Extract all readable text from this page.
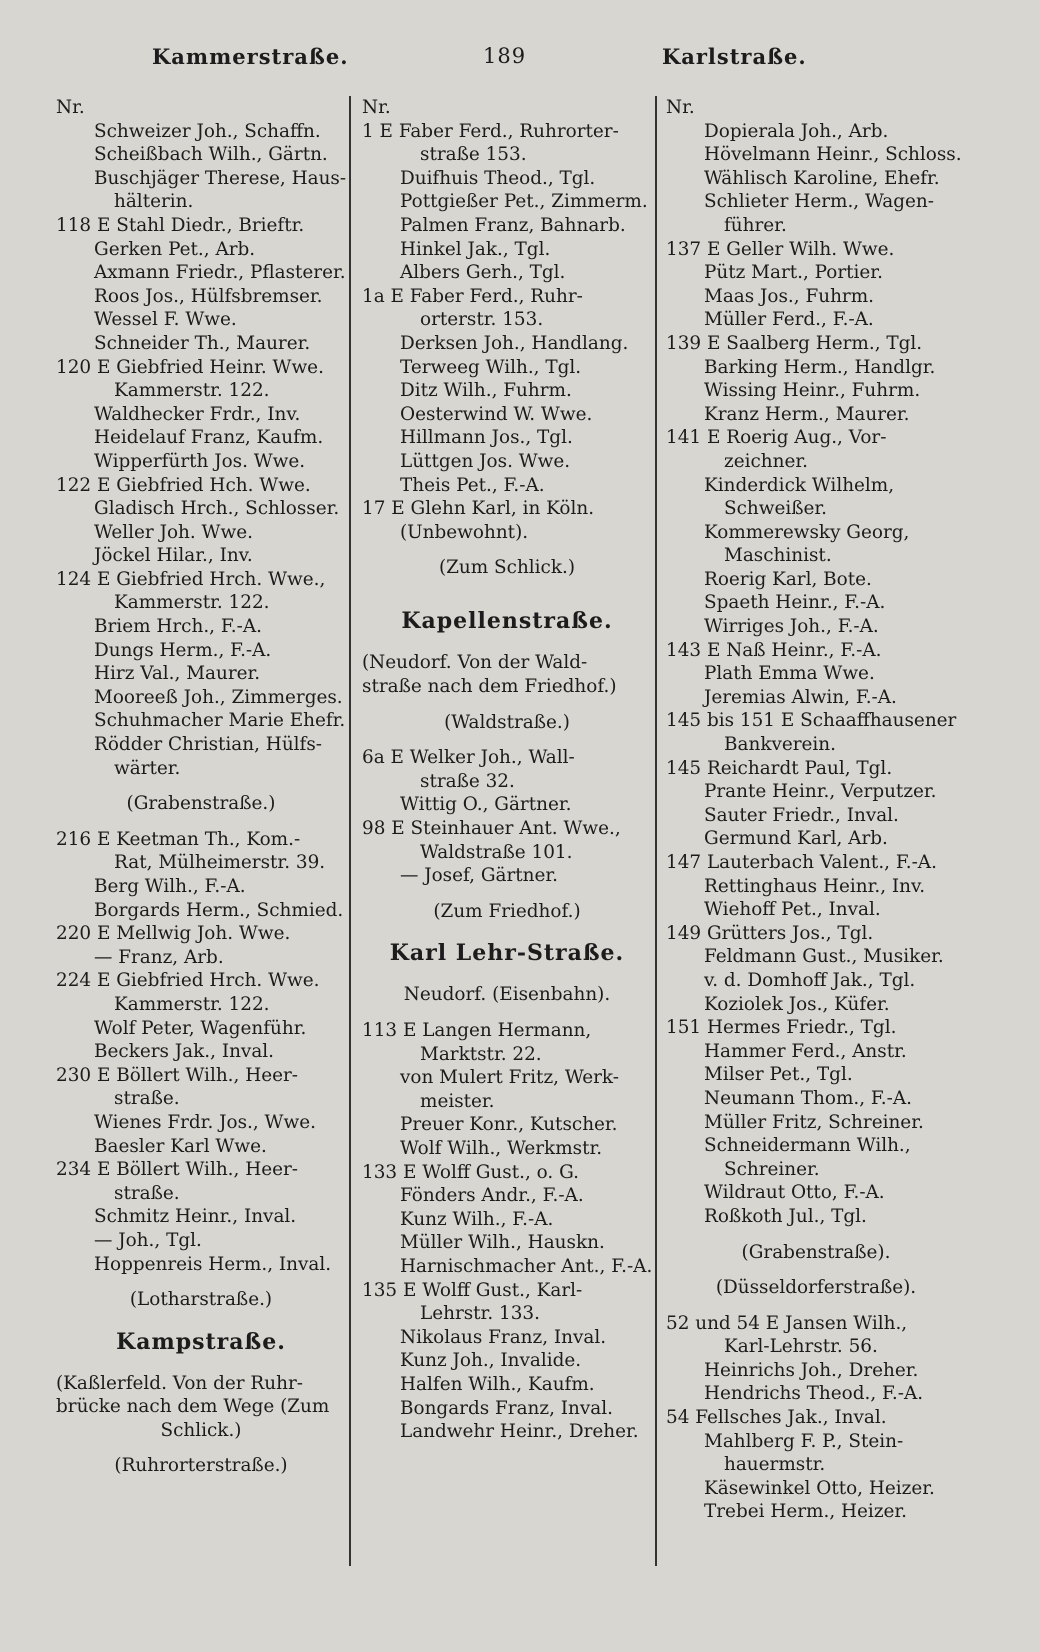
Kammerstraße.	189	Karlstraße.
Nr.
Schweizer Joh., Schaffn.
Scheißbach Wilh., Gärtn.
Buschjäger Therese, Haus-
hälterin.
118 E Stahl Diedr., Brieftr.
Gerken Pet., Arb.
Axmann Friedr., Pflasterer.
Roos Jos., Hülfsbremser.
Wessel F. Wwe.
Schneider Th., Maurer.
120 E Giebfried Heinr. Wwe.
Kammerstr. 122.
Waldhecker Frdr., Inv.
Heidelauf Franz, Kaufm.
Wipperfürth Jos. Wwe.
122 E Giebfried Hch. Wwe.
Gladisch Hrch., Schlosser.
Weller Joh. Wwe.
Jöckel Hilar., Inv.
124 E Giebfried Hrch. Wwe.,
Kammerstr. 122.
Briem Hrch., F.-A.
Dungs Herm., F.-A.
Hirz Val., Maurer.
Mooreeß Joh., Zimmerges.
Schuhmacher Marie Ehefr.
Rödder Christian, Hülfs-
wärter.
(Grabenstraße.)
216 E Keetman Th., Kom.-
Rat, Mülheimerstr. 39.
Berg Wilh., F.-A.
Borgards Herm., Schmied.
220 E Mellwig Joh. Wwe.
— Franz, Arb.
224 E Giebfried Hrch. Wwe.
Kammerstr. 122.
Wolf Peter, Wagenführ.
Beckers Jak., Inval.
230 E Böllert Wilh., Heer-
straße.
Wienes Frdr. Jos., Wwe.
Baesler Karl Wwe.
234 E Böllert Wilh., Heer-
straße.
Schmitz Heinr., Inval.
— Joh., Tgl.
Hoppenreis Herm., Inval.
(Lotharstraße.)
Kampstraße.
(Kaßlerfeld. Von der Ruhr-
brücke nach dem Wege (Zum
Schlick.)
(Ruhrorterstraße.)
Nr.
1 E Faber Ferd., Ruhrorter-
straße 153.
Duifhuis Theod., Tgl.
Pottgießer Pet., Zimmerm.
Palmen Franz, Bahnarb.
Hinkel Jak., Tgl.
Albers Gerh., Tgl.
1a E Faber Ferd., Ruhr-
orterstr. 153.
Derksen Joh., Handlang.
Terweeg Wilh., Tgl.
Ditz Wilh., Fuhrm.
Oesterwind W. Wwe.
Hillmann Jos., Tgl.
Lüttgen Jos. Wwe.
Theis Pet., F.-A.
17 E Glehn Karl, in Köln.
(Unbewohnt).
(Zum Schlick.)
Kapellenstraße.
(Neudorf. Von der Wald-
straße nach dem Friedhof.)
(Waldstraße.)
6a E Welker Joh., Wall-
straße 32.
Wittig O., Gärtner.
98 E Steinhauer Ant. Wwe.,
Waldstraße 101.
— Josef, Gärtner.
(Zum Friedhof.)
Karl Lehr-Straße.
Neudorf. (Eisenbahn).
113 E Langen Hermann,
Marktstr. 22.
von Mulert Fritz, Werk-
meister.
Preuer Konr., Kutscher.
Wolf Wilh., Werkmstr.
133 E Wolff Gust., o. G.
Fönders Andr., F.-A.
Kunz Wilh., F.-A.
Müller Wilh., Hauskn.
Harnischmacher Ant., F.-A.
135 E Wolff Gust., Karl-
Lehrstr. 133.
Nikolaus Franz, Inval.
Kunz Joh., Invalide.
Halfen Wilh., Kaufm.
Bongards Franz, Inval.
Landwehr Heinr., Dreher.
Nr.
Dopierala Joh., Arb.
Hövelmann Heinr., Schloss.
Wählisch Karoline, Ehefr.
Schlieter Herm., Wagen-
führer.
137 E Geller Wilh. Wwe.
Pütz Mart., Portier.
Maas Jos., Fuhrm.
Müller Ferd., F.-A.
139 E Saalberg Herm., Tgl.
Barking Herm., Handlgr.
Wissing Heinr., Fuhrm.
Kranz Herm., Maurer.
141 E Roerig Aug., Vor-
zeichner.
Kinderdick Wilhelm,
Schweißer.
Kommerewsky Georg,
Maschinist.
Roerig Karl, Bote.
Spaeth Heinr., F.-A.
Wirriges Joh., F.-A.
143 E Naß Heinr., F.-A.
Plath Emma Wwe.
Jeremias Alwin, F.-A.
145 bis 151 E Schaaffhausener
Bankverein.
145 Reichardt Paul, Tgl.
Prante Heinr., Verputzer.
Sauter Friedr., Inval.
Germund Karl, Arb.
147 Lauterbach Valent., F.-A.
Rettinghaus Heinr., Inv.
Wiehoff Pet., Inval.
149 Grütters Jos., Tgl.
Feldmann Gust., Musiker.
v. d. Domhoff Jak., Tgl.
Koziolek Jos., Küfer.
151 Hermes Friedr., Tgl.
Hammer Ferd., Anstr.
Milser Pet., Tgl.
Neumann Thom., F.-A.
Müller Fritz, Schreiner.
Schneidermann Wilh.,
Schreiner.
Wildraut Otto, F.-A.
Roßkoth Jul., Tgl.
(Grabenstraße).
(Düsseldorferstraße).
52 und 54 E Jansen Wilh.,
Karl-Lehrstr. 56.
Heinrichs Joh., Dreher.
Hendrichs Theod., F.-A.
54 Fellsches Jak., Inval.
Mahlberg F. P., Stein-
hauermstr.
Käsewinkel Otto, Heizer.
Trebei Herm., Heizer.
